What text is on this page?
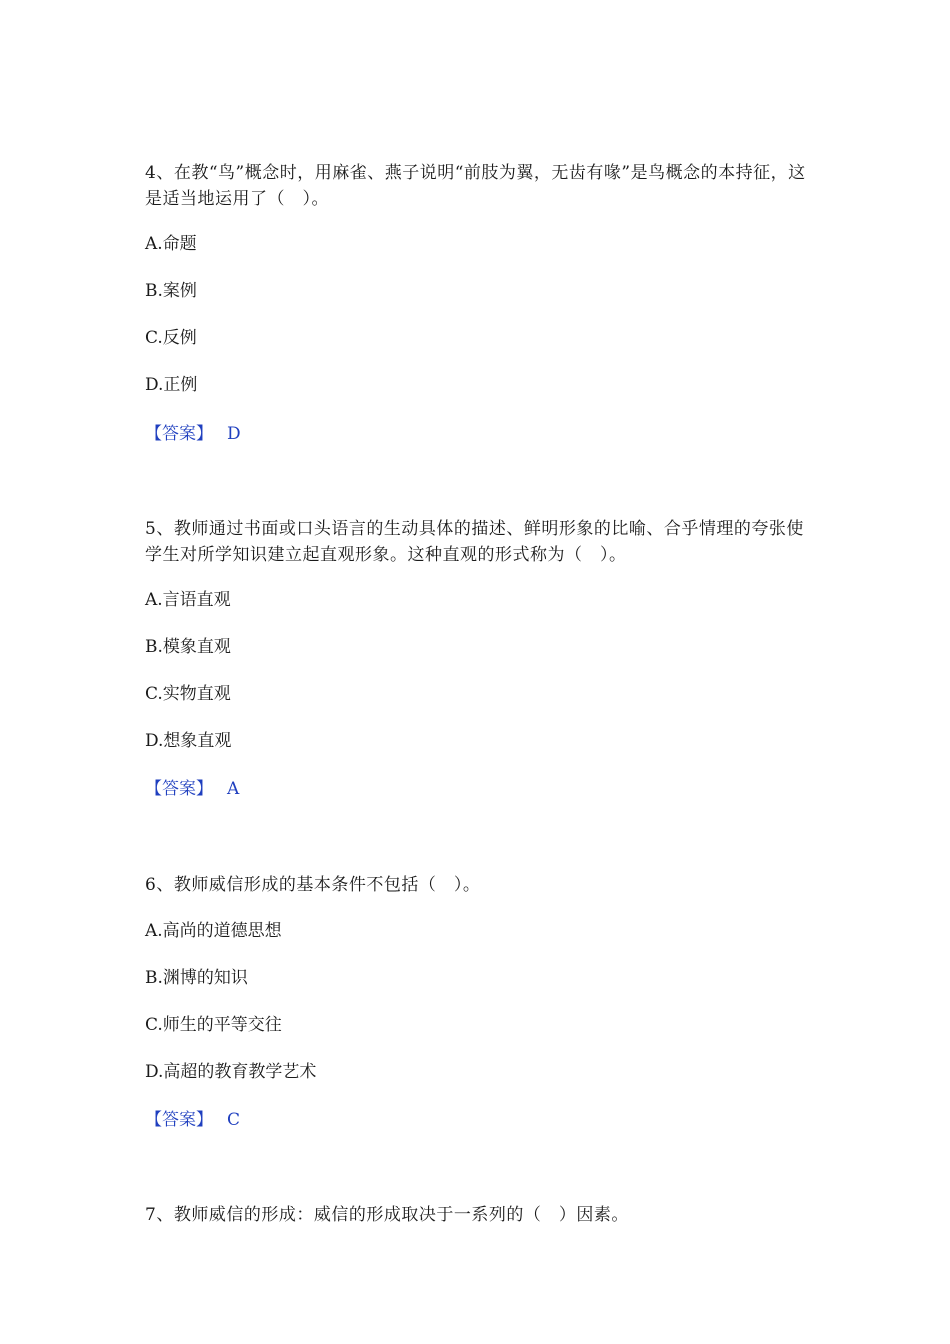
4、在教“鸟”概念时，用麻雀、燕子说明“前肢为翼，无齿有喙”是鸟概念的本持征，这是适当地运用了（　）。

A.命题

B.案例

C.反例

D.正例

【答案】 D

5、教师通过书面或口头语言的生动具体的描述、鲜明形象的比喻、合乎情理的夸张使学生对所学知识建立起直观形象。这种直观的形式称为（　）。

A.言语直观

B.模象直观

C.实物直观

D.想象直观

【答案】 A

6、教师威信形成的基本条件不包括（　）。

A.高尚的道德思想

B.渊博的知识

C.师生的平等交往

D.高超的教育教学艺术

【答案】 C

7、教师威信的形成：威信的形成取决于一系列的（　）因素。
